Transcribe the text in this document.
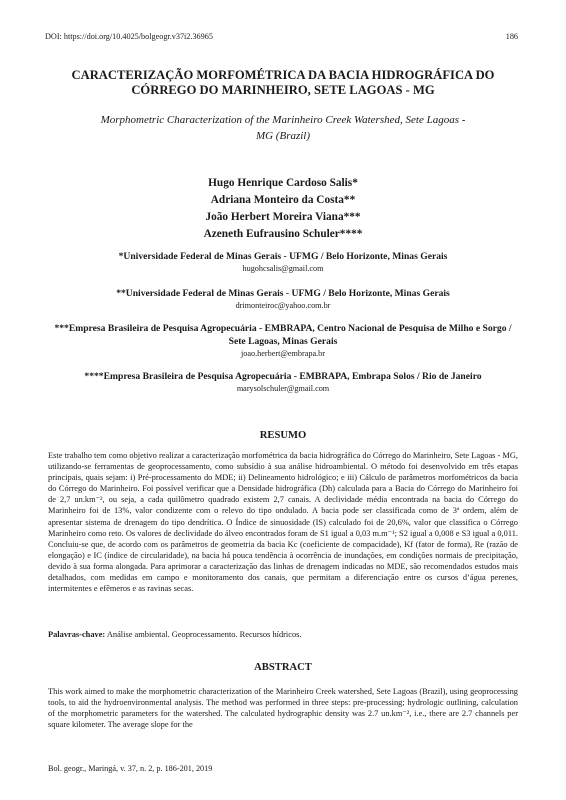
DOI: https://doi.org/10.4025/bolgeogr.v37i2.36965	186
CARACTERIZAÇÃO MORFOMÉTRICA DA BACIA HIDROGRÁFICA DO
CÓRREGO DO MARINHEIRO, SETE LAGOAS - MG
Morphometric Characterization of the Marinheiro Creek Watershed, Sete Lagoas -
MG (Brazil)
Hugo Henrique Cardoso Salis*
Adriana Monteiro da Costa**
João Herbert Moreira Viana***
Azeneth Eufrausino Schuler****
*Universidade Federal de Minas Gerais - UFMG / Belo Horizonte, Minas Gerais
hugohcsalis@gmail.com
**Universidade Federal de Minas Gerais - UFMG / Belo Horizonte, Minas Gerais
drimonteiroc@yahoo.com.br
***Empresa Brasileira de Pesquisa Agropecuária - EMBRAPA, Centro Nacional de Pesquisa de Milho e Sorgo / Sete Lagoas, Minas Gerais
joao.herbert@embrapa.br
****Empresa Brasileira de Pesquisa Agropecuária - EMBRAPA, Embrapa Solos / Rio de Janeiro
marysolschuler@gmail.com
RESUMO
Este trabalho tem como objetivo realizar a caracterização morfométrica da bacia hidrográfica do Córrego do Marinheiro, Sete Lagoas - MG, utilizando-se ferramentas de geoprocessamento, como subsídio à sua análise hidroambiental. O método foi desenvolvido em três etapas principais, quais sejam: i) Pré-processamento do MDE; ii) Delineamento hidrológico; e iii) Cálculo de parâmetros morfométricos da bacia do Córrego do Marinheiro. Foi possível verificar que a Densidade hidrográfica (Dh) calculada para a Bacia do Córrego do Marinheiro foi de 2,7 un.km⁻², ou seja, a cada quilômetro quadrado existem 2,7 canais. A declividade média encontrada na bacia do Córrego do Marinheiro foi de 13%, valor condizente com o relevo do tipo ondulado. A bacia pode ser classificada como de 3ª ordem, além de apresentar sistema de drenagem do tipo dendrítica. O Índice de sinuosidade (IS) calculado foi de 20,6%, valor que classifica o Córrego Marinheiro como reto. Os valores de declividade do álveo encontrados foram de S1 igual a 0,03 m.m⁻¹; S2 igual a 0,008 e S3 igual a 0,011. Concluiu-se que, de acordo com os parâmetros de geometria da bacia Kc (coeficiente de compacidade), Kf (fator de forma), Re (razão de elongação) e IC (índice de circularidade), na bacia há pouca tendência à ocorrência de inundações, em condições normais de precipitação, devido à sua forma alongada. Para aprimorar a caracterização das linhas de drenagem indicadas no MDE, são recomendados estudos mais detalhados, com medidas em campo e monitoramento dos canais, que permitam a diferenciação entre os cursos d’água perenes, intermitentes e efêmeros e as ravinas secas.
Palavras-chave: Análise ambiental. Geoprocessamento. Recursos hídricos.
ABSTRACT
This work aimed to make the morphometric characterization of the Marinheiro Creek watershed, Sete Lagoas (Brazil), using geoprocessing tools, to aid the hydroenvironmental analysis. The method was performed in three steps: pre-processing; hydrologic outlining, calculation of the morphometric parameters for the watershed. The calculated hydrographic density was 2.7 un.km⁻², i.e., there are 2.7 channels per square kilometer. The average slope for the
Bol. geogr., Maringá, v. 37, n. 2, p. 186-201, 2019
